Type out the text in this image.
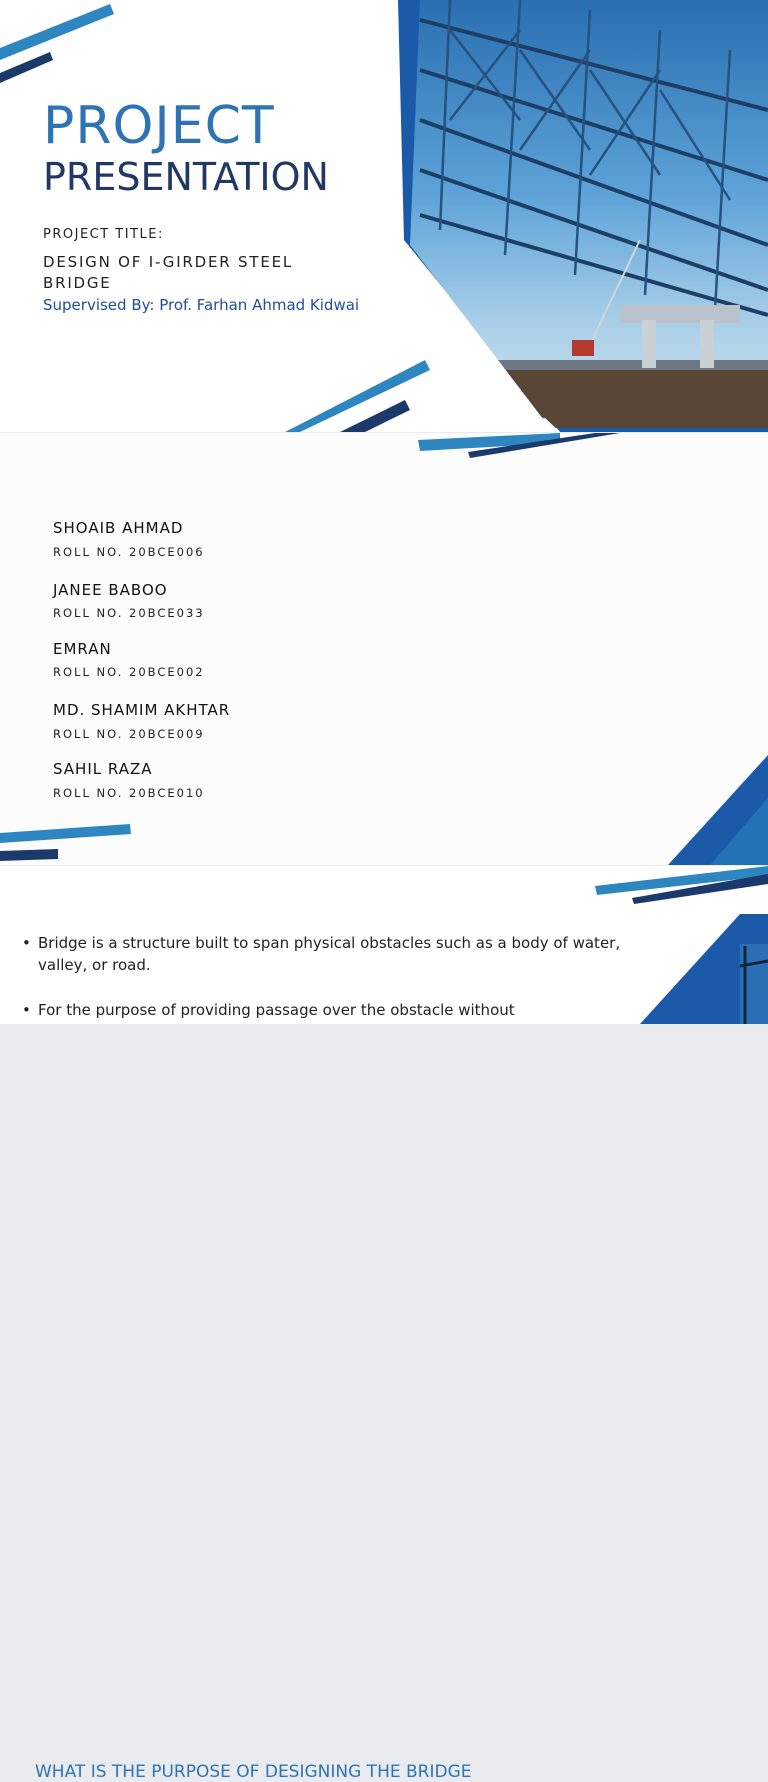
PROJECT
PRESENTATION
PROJECT TITLE:
DESIGN OF I-GIRDER STEEL BRIDGE
Supervised By: Prof. Farhan Ahmad Kidwai
SHOAIB AHMAD
ROLL NO. 20BCE006
JANEE BABOO
ROLL NO. 20BCE033
EMRAN
ROLL NO. 20BCE002
MD. SHAMIM AKHTAR
ROLL NO. 20BCE009
SAHIL RAZA
ROLL NO. 20BCE010
WHAT IS THE PURPOSE OF DESIGNING THE BRIDGE
• Bridge is a structure built to span physical obstacles such as a body of water, valley, or road.
• For the purpose of providing passage over the obstacle without
